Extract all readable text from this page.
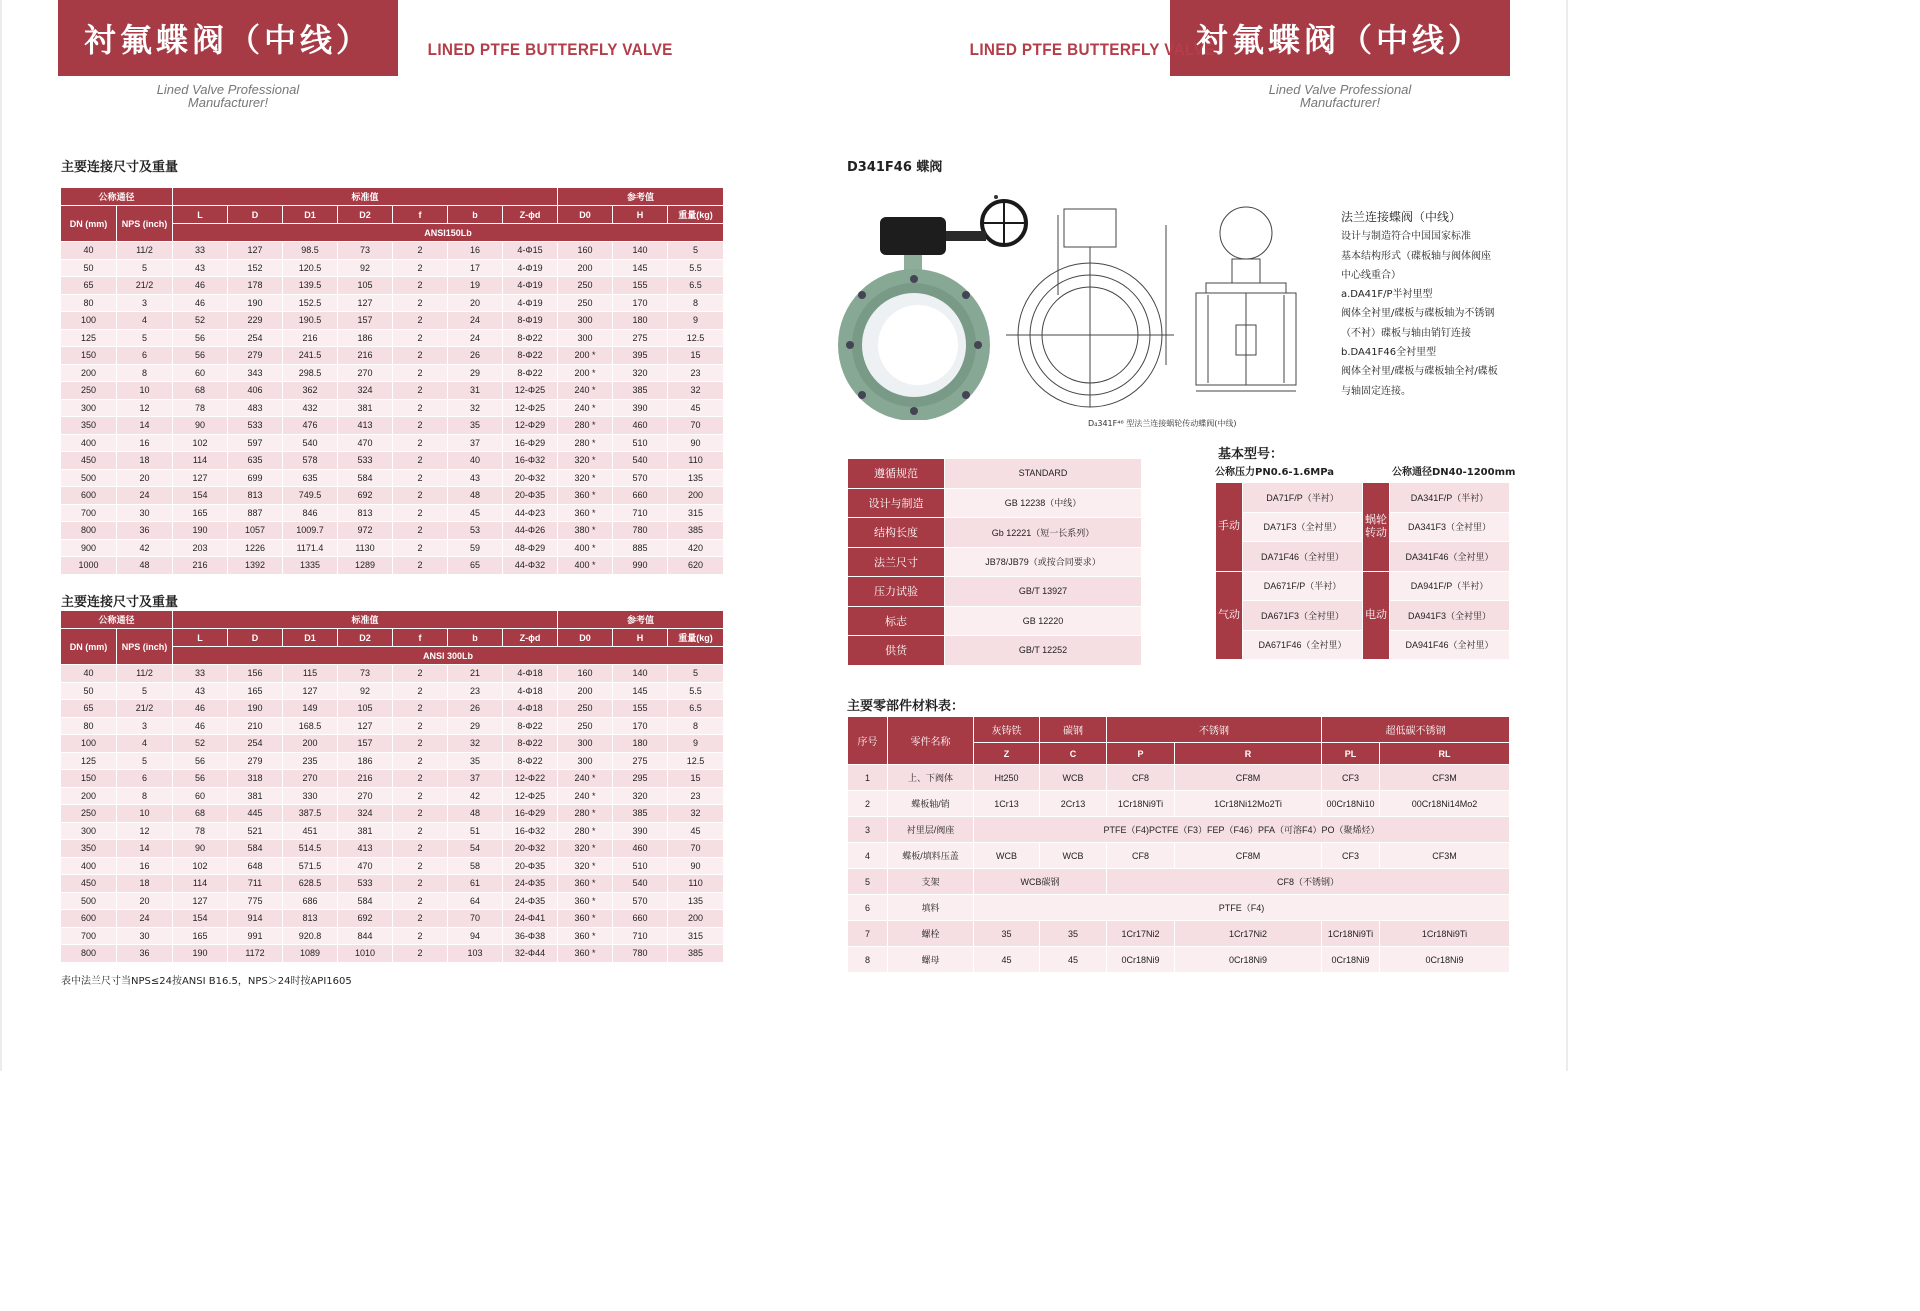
衬氟蝶阀（中线）	LINED PTFE BUTTERFLY VALVE
Lined Valve Professional
Manufacturer!
主要连接尺寸及重量
公称通径		标准值							参考值		
DN (mm)	NPS (inch)	L	D	D1	D2	f	b	Z-ϕd	D0	H	重量(kg)
		ANSI150Lb									
40	11/2	33	127	98.5	73	2	16	4-Φ15	160	140	5
50	5	43	152	120.5	92	2	17	4-Φ19	200	145	5.5
65	21/2	46	178	139.5	105	2	19	4-Φ19	250	155	6.5
80	3	46	190	152.5	127	2	20	4-Φ19	250	170	8
100	4	52	229	190.5	157	2	24	8-Φ19	300	180	9
125	5	56	254	216	186	2	24	8-Φ22	300	275	12.5
150	6	56	279	241.5	216	2	26	8-Φ22	200 *	395	15
200	8	60	343	298.5	270	2	29	8-Φ22	200 *	320	23
250	10	68	406	362	324	2	31	12-Φ25	240 *	385	32
300	12	78	483	432	381	2	32	12-Φ25	240 *	390	45
350	14	90	533	476	413	2	35	12-Φ29	280 *	460	70
400	16	102	597	540	470	2	37	16-Φ29	280 *	510	90
450	18	114	635	578	533	2	40	16-Φ32	320 *	540	110
500	20	127	699	635	584	2	43	20-Φ32	320 *	570	135
600	24	154	813	749.5	692	2	48	20-Φ35	360 *	660	200
700	30	165	887	846	813	2	45	44-Φ23	360 *	710	315
800	36	190	1057	1009.7	972	2	53	44-Φ26	380 *	780	385
900	42	203	1226	1171.4	1130	2	59	48-Φ29	400 *	885	420
1000	48	216	1392	1335	1289	2	65	44-Φ32	400 *	990	620
主要连接尺寸及重量
公称通径		标准值							参考值		
DN (mm)	NPS (inch)	L	D	D1	D2	f	b	Z-ϕd	D0	H	重量(kg)
		ANSI 300Lb									
40	11/2	33	156	115	73	2	21	4-Φ18	160	140	5
50	5	43	165	127	92	2	23	4-Φ18	200	145	5.5
65	21/2	46	190	149	105	2	26	4-Φ18	250	155	6.5
80	3	46	210	168.5	127	2	29	8-Φ22	250	170	8
100	4	52	254	200	157	2	32	8-Φ22	300	180	9
125	5	56	279	235	186	2	35	8-Φ22	300	275	12.5
150	6	56	318	270	216	2	37	12-Φ22	240 *	295	15
200	8	60	381	330	270	2	42	12-Φ25	240 *	320	23
250	10	68	445	387.5	324	2	48	16-Φ29	280 *	385	32
300	12	78	521	451	381	2	51	16-Φ32	280 *	390	45
350	14	90	584	514.5	413	2	54	20-Φ32	320 *	460	70
400	16	102	648	571.5	470	2	58	20-Φ35	320 *	510	90
450	18	114	711	628.5	533	2	61	24-Φ35	360 *	540	110
500	20	127	775	686	584	2	64	24-Φ35	360 *	570	135
600	24	154	914	813	692	2	70	24-Φ41	360 *	660	200
700	30	165	991	920.8	844	2	94	36-Φ38	360 *	710	315
800	36	190	1172	1089	1010	2	103	32-Φ44	360 *	780	385
表中法兰尺寸当NPS≤24按ANSI B16.5，NPS＞24时按API1605
衬氟蝶阀（中线）
LINED PTFE BUTTERFLY VALVE
Lined Valve Professional
Manufacturer!
D341F46 蝶阀
D₄341F⁴⁶ 型法兰连接蜗轮传动蝶阀(中线)
法兰连接蝶阀（中线）
设计与制造符合中国国家标准
基本结构形式（碟板轴与阀体阀座
中心线重合）
a.DA41F/P半衬里型
阀体全衬里/碟板与碟板轴为不锈钢
（不衬）碟板与轴由销钉连接
b.DA41F46全衬里型
阀体全衬里/碟板与碟板轴全衬/碟板
与轴固定连接。
遵循规范	STANDARD
设计与制造	GB 12238（中线）
结构长度	Gb 12221（短一长系列）
法兰尺寸	JB78/JB79（或按合同要求）
压力试验	GB/T 13927
标志	GB 12220
供货	GB/T 12252
基本型号：
公称压力PN0.6-1.6MPa	公称通径DN40-1200mm
手动	DA71F/P（半衬）	蜗轮转动	DA341F/P（半衬）
	DA71F3（全衬里）		DA341F3（全衬里）
	DA71F46（全衬里）		DA341F46（全衬里）
气动	DA671F/P（半衬）	电动	DA941F/P（半衬）
	DA671F3（全衬里）		DA941F3（全衬里）
	DA671F46（全衬里）		DA941F46（全衬里）
主要零部件材料表：
序号	零件名称	灰铸铁	碳钢	不锈钢		超低碳不锈钢	
		Z	C	P	R	PL	RL
1	上、下阀体	Ht250	WCB	CF8	CF8M	CF3	CF3M
2	蝶板轴/销	1Cr13	2Cr13	1Cr18Ni9Ti	1Cr18Ni12Mo2Ti	00Cr18Ni10	00Cr18Ni14Mo2
3	衬里层/阀座	PTFE（F4)PCTFE（F3）FEP（F46）PFA（可溶F4）PO（聚烯烃）					
4	蝶板/填料压盖	WCB	WCB	CF8	CF8M	CF3	CF3M
5	支架	WCB碳钢		CF8（不锈钢）			
6	填料	PTFE（F4)					
7	螺栓	35	35	1Cr17Ni2	1Cr17Ni2	1Cr18Ni9Ti	1Cr18Ni9Ti
8	螺母	45	45	0Cr18Ni9	0Cr18Ni9	0Cr18Ni9	0Cr18Ni9
